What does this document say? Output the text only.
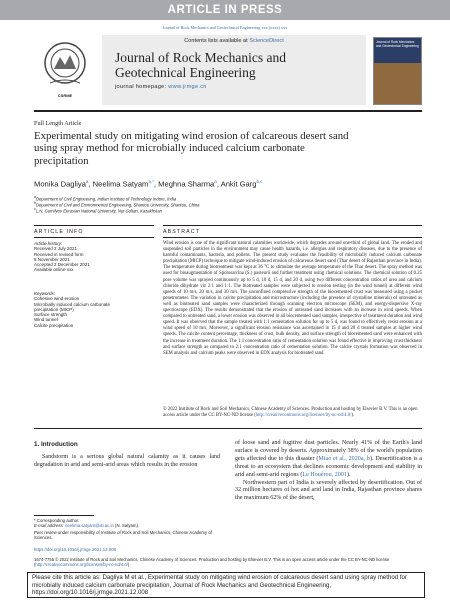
ARTICLE IN PRESS
Journal of Rock Mechanics and Geotechnical Engineering xxx (xxxx) xxx
CSRME
Contents lists available at ScienceDirect
Journal of Rock Mechanics and
Geotechnical Engineering
journal homepage: www.jrmge.cn
Journal of Rock Mechanics and Geotechnical Engineering
Full Length Article
Experimental study on mitigating wind erosion of calcareous desert sand
using spray method for microbially induced calcium carbonate
precipitation
Monika Dagliya$^a$, Neelima Satyam$^{a,*}$, Meghna Sharma$^a$, Ankit Garg$^{b,c}$
$^a$Department of Civil Engineering, Indian Institute of Technology Indore, India
$^b$Department of Civil and Environmental Engineering, Shantou University, Shantou, China
$^c$L.N. Gumilyov Eurasian National University, Nur-Sultan, Kazakhstan
ARTICLE INFO	ABSTRACT
Article history:
Received 2 July 2021
Received in revised form
8 November 2021
Accepted 2 December 2021
Available online xxx
Keywords:
Cohesive wind erosion
Microbially induced calcium carbonate
precipitation (MICP)
Surface strength
Wind tunnel
Calcite precipitation
Wind erosion is one of the significant natural calamities worldwide, which degrades around one-third of global land. The eroded and suspended soil particles in the environment may cause health hazards, i.e. allergies and respiratory diseases, due to the presence of harmful contaminants, bacteria, and pollens. The present study evaluates the feasibility of microbially induced calcium carbonate precipitation (MICP) technique to mitigate wind-induced erosion of calcareous desert sand (Thar desert of Rajasthan province in India). The temperature during biotreatment was kept at 36 °C to stimulate the average temperature of the Thar desert. The spray method was used for bioaugmentation of Sporosarcina (S.) pasteurii and further treatment using chemical solutions. The chemical solution of 0.25 pore volume was sprayed continuously up to 5 d, 10 d, 15 d, and 20 d, using two different concentration ratios of urea and calcium chloride dihydrate viz 2:1 and 1:1. The biotreated samples were subjected to erosion testing (in the wind tunnel) at different wind speeds of 10 m/s, 20 m/s, and 30 m/s. The unconfined compressive strength of the biocemented crust was measured using a pocket penetrometer. The variation in calcite precipitation and microstructure (including the presence of crystalline minerals) of untreated as well as biotreated sand samples were characterized through scanning electron microscope (SEM), and energy-dispersive X-ray spectroscope (EDX). The results demonstrated that the erosion of untreated sand increases with an increase in wind speeds. When compared to untreated sand, a lower erosion was observed in all biocemented sand samples, irrespective of treatment duration and wind speed. It was observed that the sample treated with 1:1 cementation solution for up to 5 d, was found to effectively resist erosion at a wind speed of 10 m/s. Moreover, a significant erosion resistance was ascertained in 15 d and 20 d treated samples at higher wind speeds. The calcite content percentage, thickness of crust, bulk density, and surface strength of biocemented sand were enhanced with the increase in treatment duration. The 1:1 concentration ratio of cementation solution was found effective in improving crust thickness and surface strength as compared to 2:1 concentration ratio of cementation solution. The calcite crystals formation was observed in SEM analysis and calcium peaks were observed in EDX analysis for biotreated sand.
© 2022 Institute of Rock and Soil Mechanics, Chinese Academy of Sciences. Production and hosting by Elsevier B.V. This is an open access article under the CC BY-NC-ND license (http://creativecommons.org/licenses/by-nc-nd/4.0/).
1. Introduction
Sandstorm is a serious global natural calamity as it causes land degradation in arid and semi-arid areas which results in the erosion

of loose sand and fugitive dust particles. Nearly 41% of the Earth's land surface is covered by deserts. Approximately 38% of the world's population gets affected due to this disaster (Miao et al., 2020a, b). Desertification is a threat to an ecosystem that declines economic development and stability in arid and semi-arid regions (Le Houérou, 2001).

Northwestern part of India is severely affected by desertification. Out of 32 million hectares of hot and arid land in India, Rajasthan province shares the maximum 62% of the desert,

* Corresponding author.
E-mail address: neelima.satyam@iiti.ac.in (N. Satyam).
Peer review under responsibility of Institute of Rock and Soil Mechanics, Chinese Academy of Sciences.
https://doi.org/10.1016/j.jrmge.2021.12.008
1674-7755 © 2022 Institute of Rock and Soil Mechanics, Chinese Academy of Sciences. Production and hosting by Elsevier B.V. This is an open access article under the CC BY-NC-ND license (http://creativecommons.org/licenses/by-nc-nd/4.0/).
Please cite this article as: Dagliya M et al., Experimental study on mitigating wind erosion of calcareous desert sand using spray method for microbially induced calcium carbonate precipitation, Journal of Rock Mechanics and Geotechnical Engineering, https://doi.org/10.1016/j.jrmge.2021.12.008
